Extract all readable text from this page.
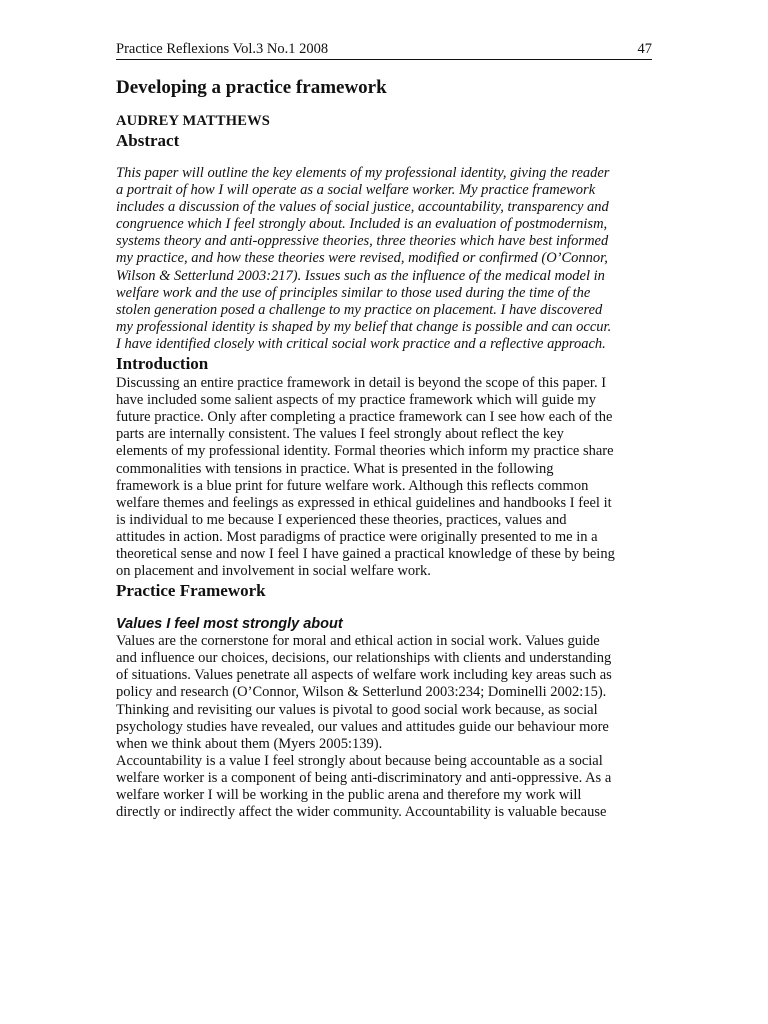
Practice Reflexions Vol.3 No.1 2008	47
Developing a practice framework
AUDREY MATTHEWS
Abstract

This paper will outline the key elements of my professional identity, giving the reader
a portrait of how I will operate as a social welfare worker. My practice framework
includes a discussion of the values of social justice, accountability, transparency and
congruence which I feel strongly about. Included is an evaluation of postmodernism,
systems theory and anti-oppressive theories, three theories which have best informed
my practice, and how these theories were revised, modified or confirmed (O’Connor,
Wilson & Setterlund 2003:217). Issues such as the influence of the medical model in
welfare work and the use of principles similar to those used during the time of the
stolen generation posed a challenge to my practice on placement. I have discovered
my professional identity is shaped by my belief that change is possible and can occur.
I have identified closely with critical social work practice and a reflective approach.

Introduction

Discussing an entire practice framework in detail is beyond the scope of this paper. I
have included some salient aspects of my practice framework which will guide my
future practice. Only after completing a practice framework can I see how each of the
parts are internally consistent. The values I feel strongly about reflect the key
elements of my professional identity. Formal theories which inform my practice share
commonalities with tensions in practice. What is presented in the following
framework is a blue print for future welfare work. Although this reflects common
welfare themes and feelings as expressed in ethical guidelines and handbooks I feel it
is individual to me because I experienced these theories, practices, values and
attitudes in action. Most paradigms of practice were originally presented to me in a
theoretical sense and now I feel I have gained a practical knowledge of these by being
on placement and involvement in social welfare work.

Practice Framework
Values I feel most strongly about

Values are the cornerstone for moral and ethical action in social work. Values guide
and influence our choices, decisions, our relationships with clients and understanding
of situations. Values penetrate all aspects of welfare work including key areas such as
policy and research (O’Connor, Wilson & Setterlund 2003:234; Dominelli 2002:15).
Thinking and revisiting our values is pivotal to good social work because, as social
psychology studies have revealed, our values and attitudes guide our behaviour more
when we think about them (Myers 2005:139).

Accountability is a value I feel strongly about because being accountable as a social
welfare worker is a component of being anti-discriminatory and anti-oppressive. As a
welfare worker I will be working in the public arena and therefore my work will
directly or indirectly affect the wider community. Accountability is valuable because
